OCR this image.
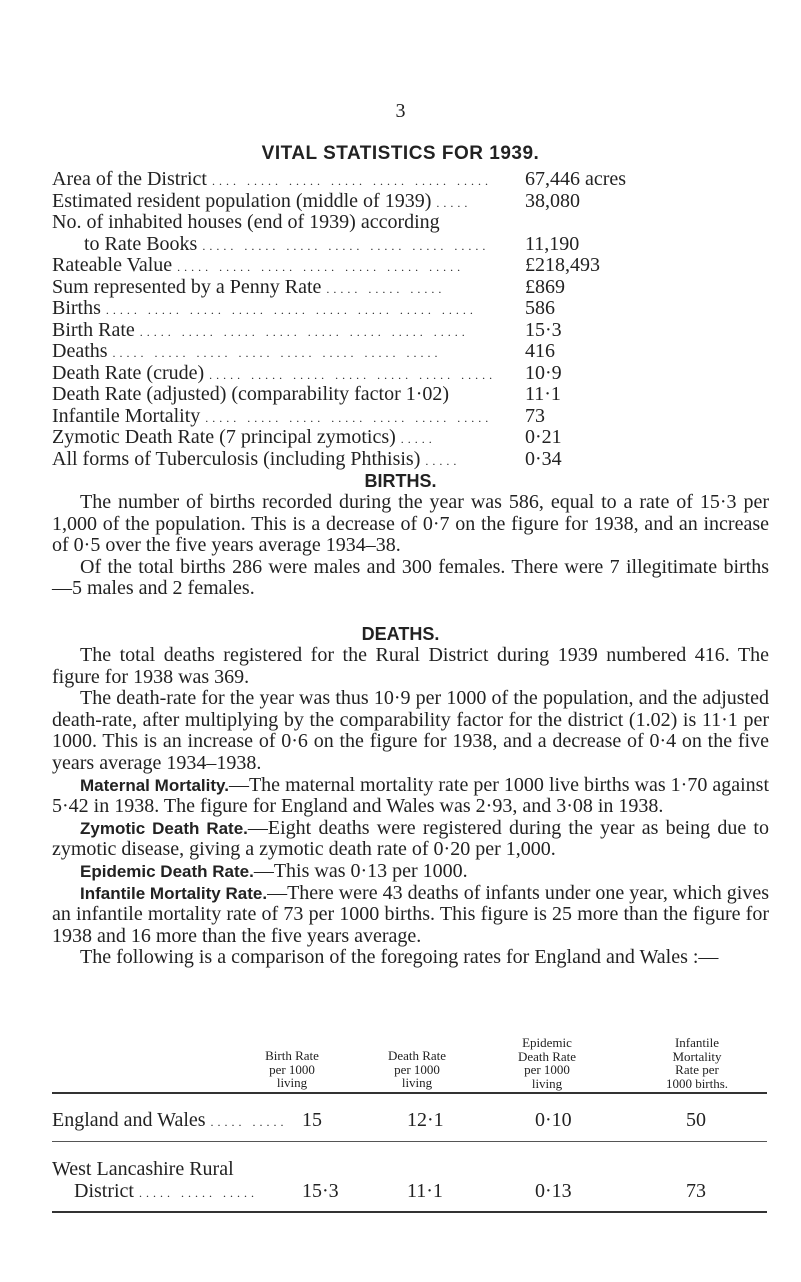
3
VITAL STATISTICS FOR 1939.
Area of the District .... ..... ..... ..... ..... ..... ..... 67,446 acres
Estimated resident population (middle of 1939) .....	38,080
No. of inhabited houses (end of 1939) according
to Rate Books ..... ..... ..... ..... ..... ..... ..... 11,190
Rateable Value ..... ..... ..... ..... ..... ..... .....	£218,493
Sum represented by a Penny Rate ..... ..... .....	£869
Births ..... ..... ..... ..... ..... ..... ..... ..... ..... 586
Birth Rate ..... ..... ..... ..... ..... ..... ..... .....	15·3
Deaths ..... ..... ..... ..... ..... ..... ..... .....	416
Death Rate (crude) ..... ..... ..... ..... ..... ..... ..... 10·9
Death Rate (adjusted) (comparability factor 1·02)	11·1
Infantile Mortality ..... ..... ..... ..... ..... ..... ..... 73
Zymotic Death Rate (7 principal zymotics) .....	0·21
All forms of Tuberculosis (including Phthisis) .....	0·34
BIRTHS.

The number of births recorded during the year was 586, equal to a rate of 15·3 per 1,000 of the population. This is a decrease of 0·7 on the figure for 1938, and an increase of 0·5 over the five years average 1934–38.

Of the total births 286 were males and 300 females. There were 7 illegitimate births—5 males and 2 females.

DEATHS.

The total deaths registered for the Rural District during 1939 numbered 416. The figure for 1938 was 369.

The death-rate for the year was thus 10·9 per 1000 of the population, and the adjusted death-rate, after multiplying by the comparability factor for the district (1.02) is 11·1 per 1000. This is an increase of 0·6 on the figure for 1938, and a decrease of 0·4 on the five years average 1934–1938.

Maternal Mortality.—The maternal mortality rate per 1000 live births was 1·70 against 5·42 in 1938. The figure for England and Wales was 2·93, and 3·08 in 1938.

Zymotic Death Rate.—Eight deaths were registered during the year as being due to zymotic disease, giving a zymotic death rate of 0·20 per 1,000.

Epidemic Death Rate.—This was 0·13 per 1000.

Infantile Mortality Rate.—There were 43 deaths of infants under one year, which gives an infantile mortality rate of 73 per 1000 births. This figure is 25 more than the figure for 1938 and 16 more than the five years average.

The following is a comparison of the foregoing rates for England and Wales :—

Birth Rate
per 1000
living
Death Rate
per 1000
living
Epidemic
Death Rate
per 1000
living
Infantile
Mortality
Rate per
1000 births.
England and Wales ..... ..... 15	12·1	0·10	50
West Lancashire Rural
District ..... ..... ..... 15·3	11·1	0·13	73
